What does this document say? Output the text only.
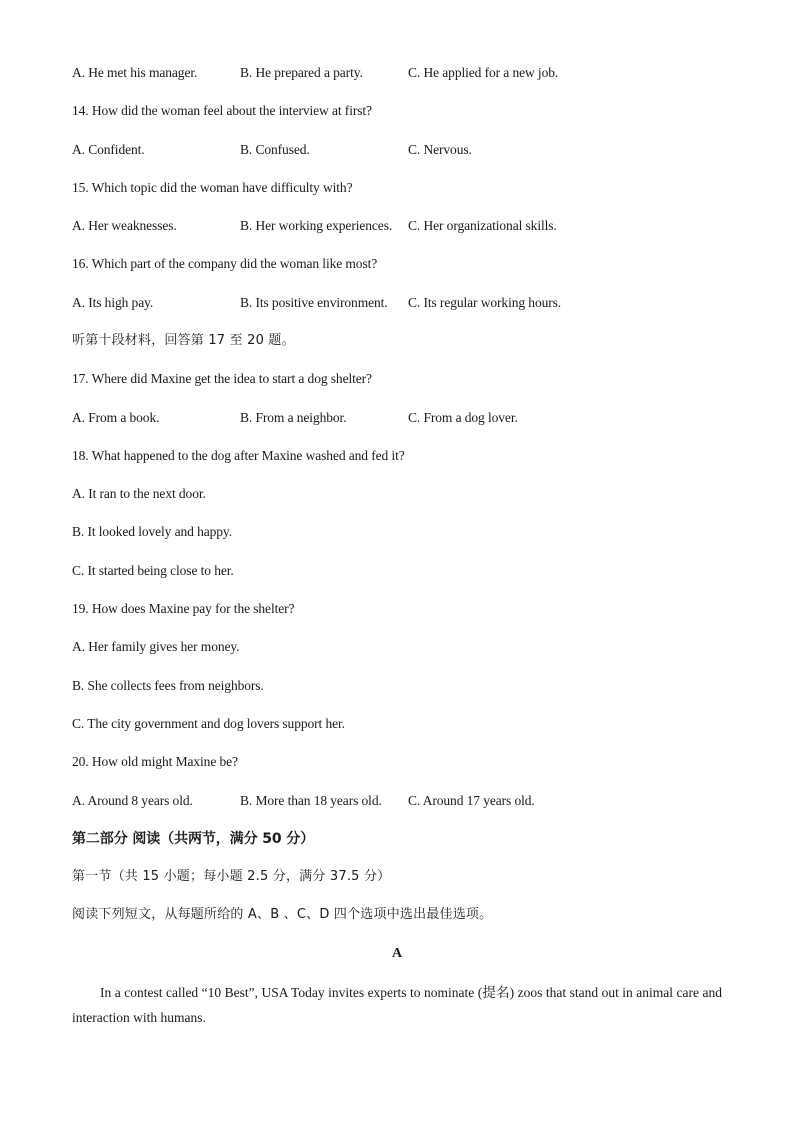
A. He met his manager.	B. He prepared a party.	C. He applied for a new job.
14. How did the woman feel about the interview at first?
A. Confident.	B. Confused.	C. Nervous.
15. Which topic did the woman have difficulty with?
A. Her weaknesses.	B. Her working experiences. C. Her organizational skills.
16. Which part of the company did the woman like most?
A. Its high pay.	B. Its positive environment. C. Its regular working hours.
听第十段材料，回答第 17 至 20 题。
17. Where did Maxine get the idea to start a dog shelter?
A. From a book.	B. From a neighbor.	C. From a dog lover.
18. What happened to the dog after Maxine washed and fed it?
A. It ran to the next door.
B. It looked lovely and happy.
C. It started being close to her.
19. How does Maxine pay for the shelter?
A. Her family gives her money.
B. She collects fees from neighbors.
C. The city government and dog lovers support her.
20. How old might Maxine be?
A. Around 8 years old.	B. More than 18 years old. C. Around 17 years old.
第二部分 阅读（共两节，满分 50 分）
第一节（共 15 小题；每小题 2.5 分，满分 37.5 分）
阅读下列短文，从每题所给的 A、B 、C、D 四个选项中选出最佳选项。
A
In a contest called “10 Best”, USA Today invites experts to nominate (提名) zoos that stand out in animal care and interaction with humans.
